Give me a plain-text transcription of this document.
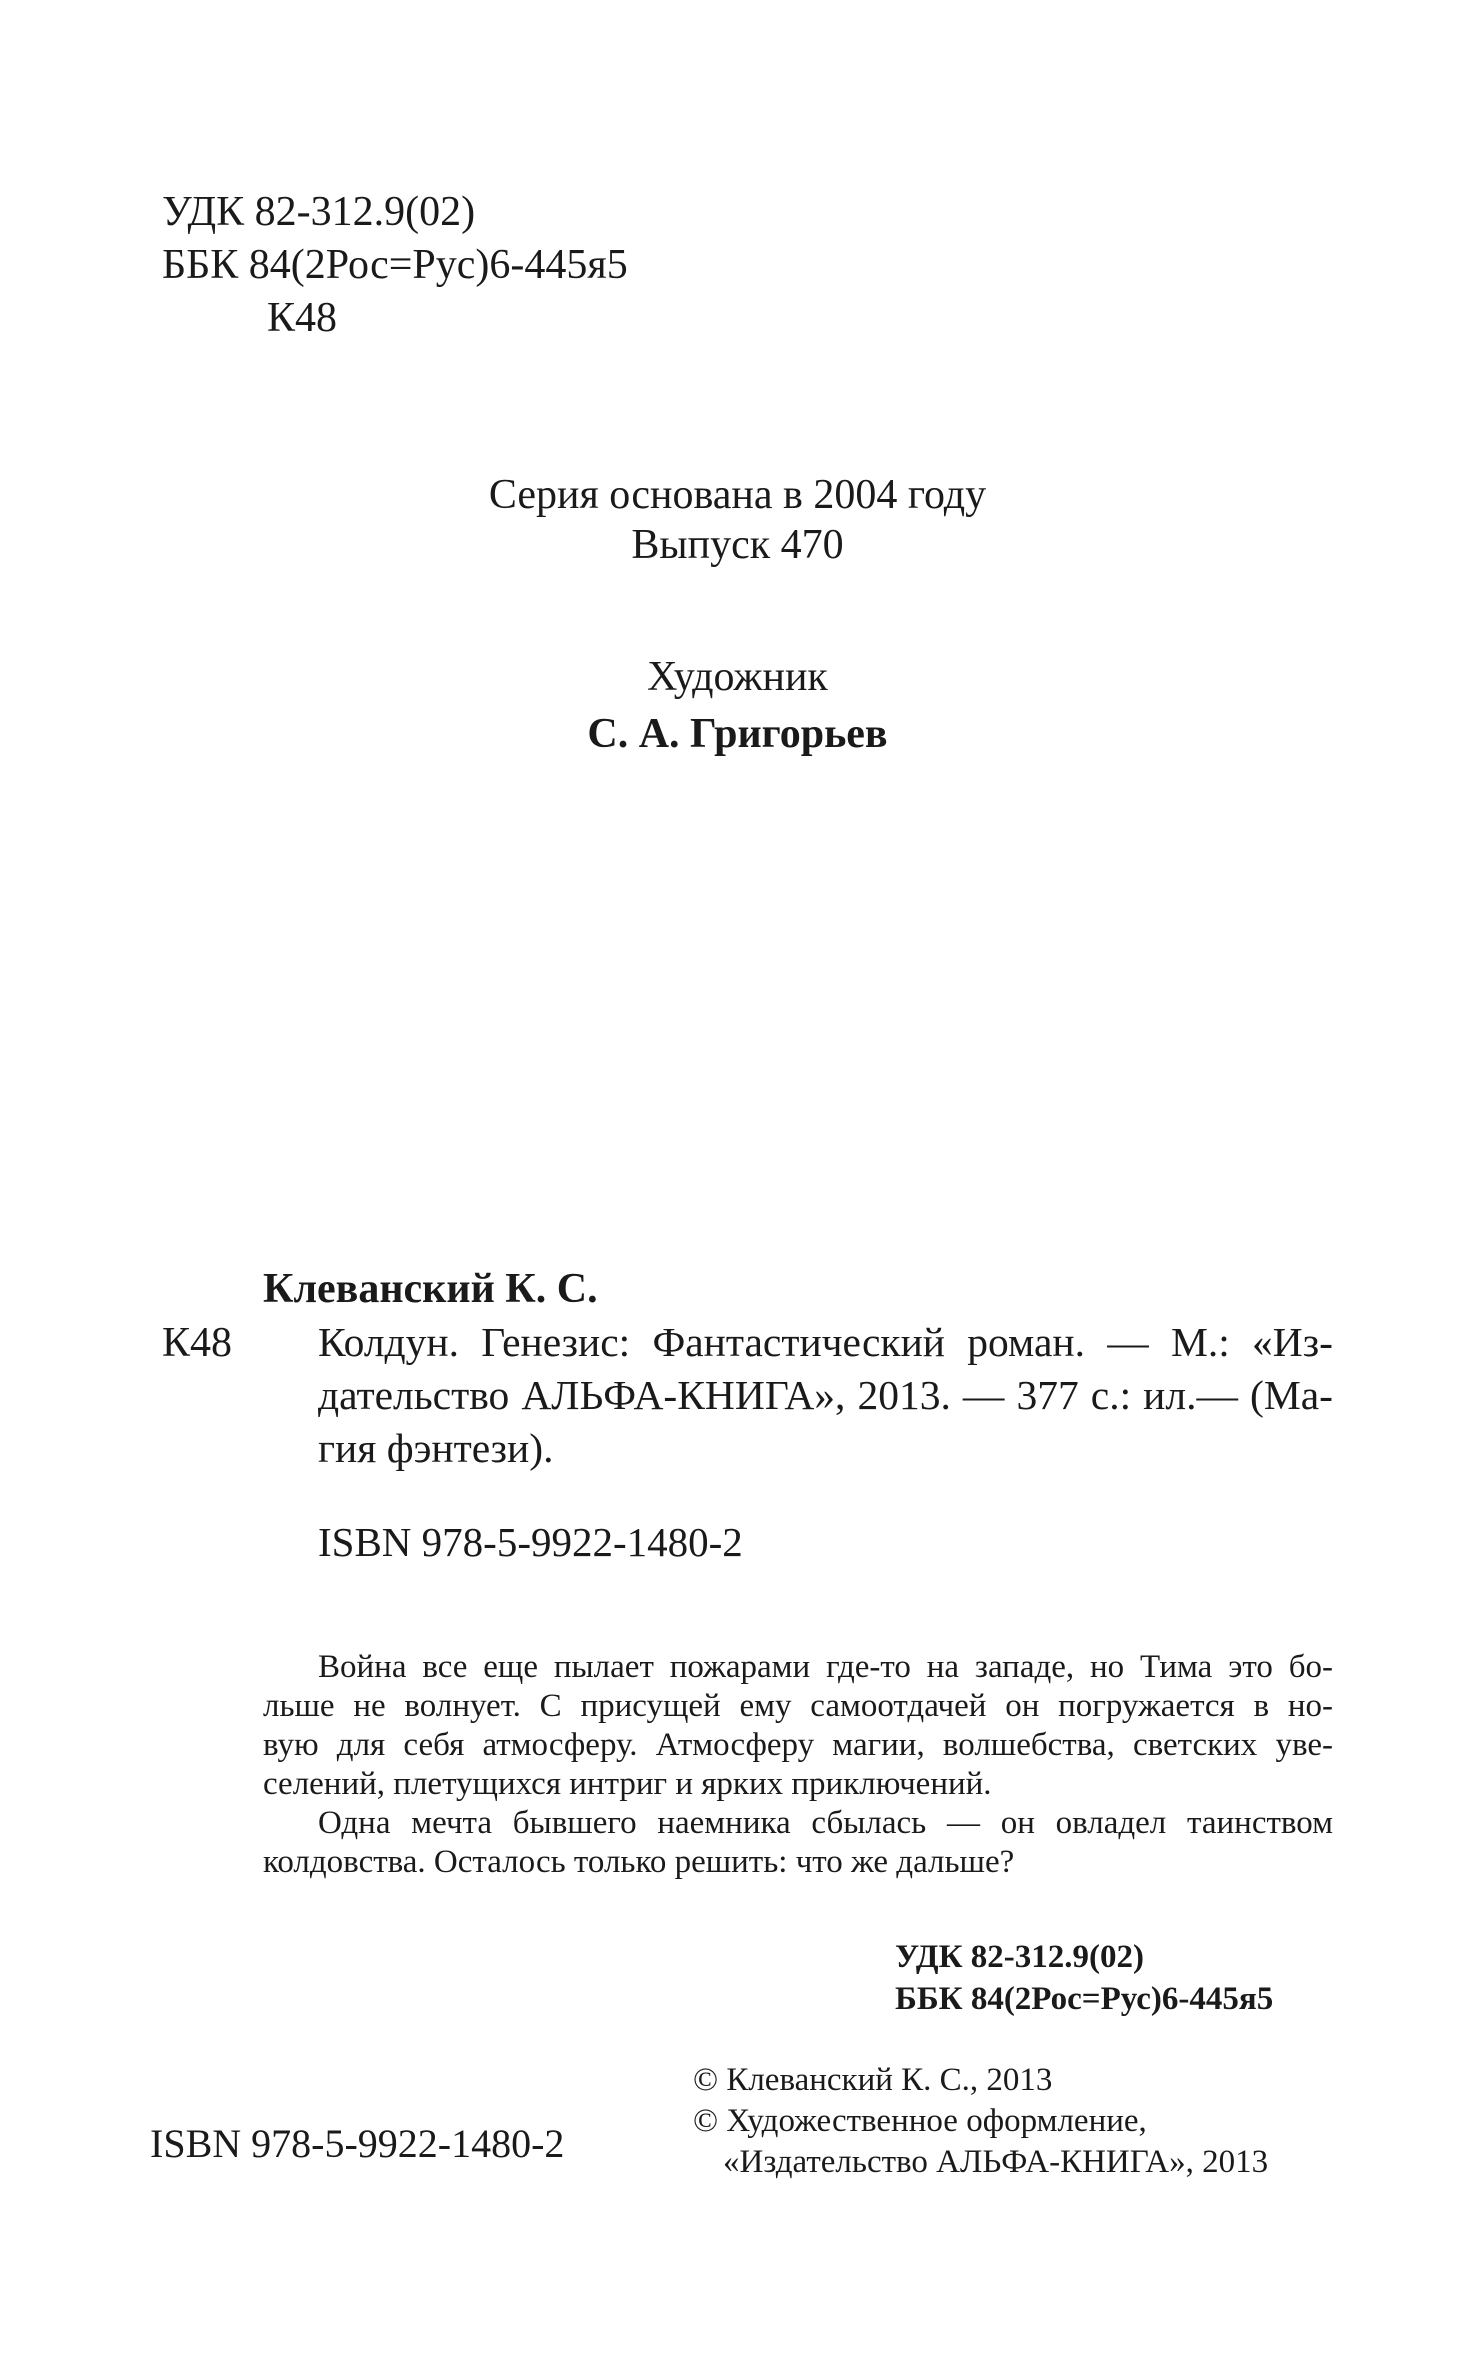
УДК 82-312.9(02)
ББК 84(2Рос=Рус)6-445я5
К48
Серия основана в 2004 году
Выпуск 470
Художник
С. А. Григорьев
Клеванский К. С.
К48 Колдун. Генезис: Фантастический роман. — М.: «Из-
дательство АЛЬФА-КНИГА», 2013. — 377 с.: ил.— (Ма-
гия фэнтези).
ISBN 978-5-9922-1480-2
Война все еще пылает пожарами где-то на западе, но Тима это бо-
льше не волнует. С присущей ему самоотдачей он погружается в но-
вую для себя атмосферу. Атмосферу магии, волшебства, светских уве-
селений, плетущихся интриг и ярких приключений.
Одна мечта бывшего наемника сбылась — он овладел таинством
колдовства. Осталось только решить: что же дальше?
УДК 82-312.9(02)
ББК 84(2Рос=Рус)6-445я5
© Клеванский К. С., 2013
© Художественное оформление,
«Издательство АЛЬФА-КНИГА», 2013
ISBN 978-5-9922-1480-2
